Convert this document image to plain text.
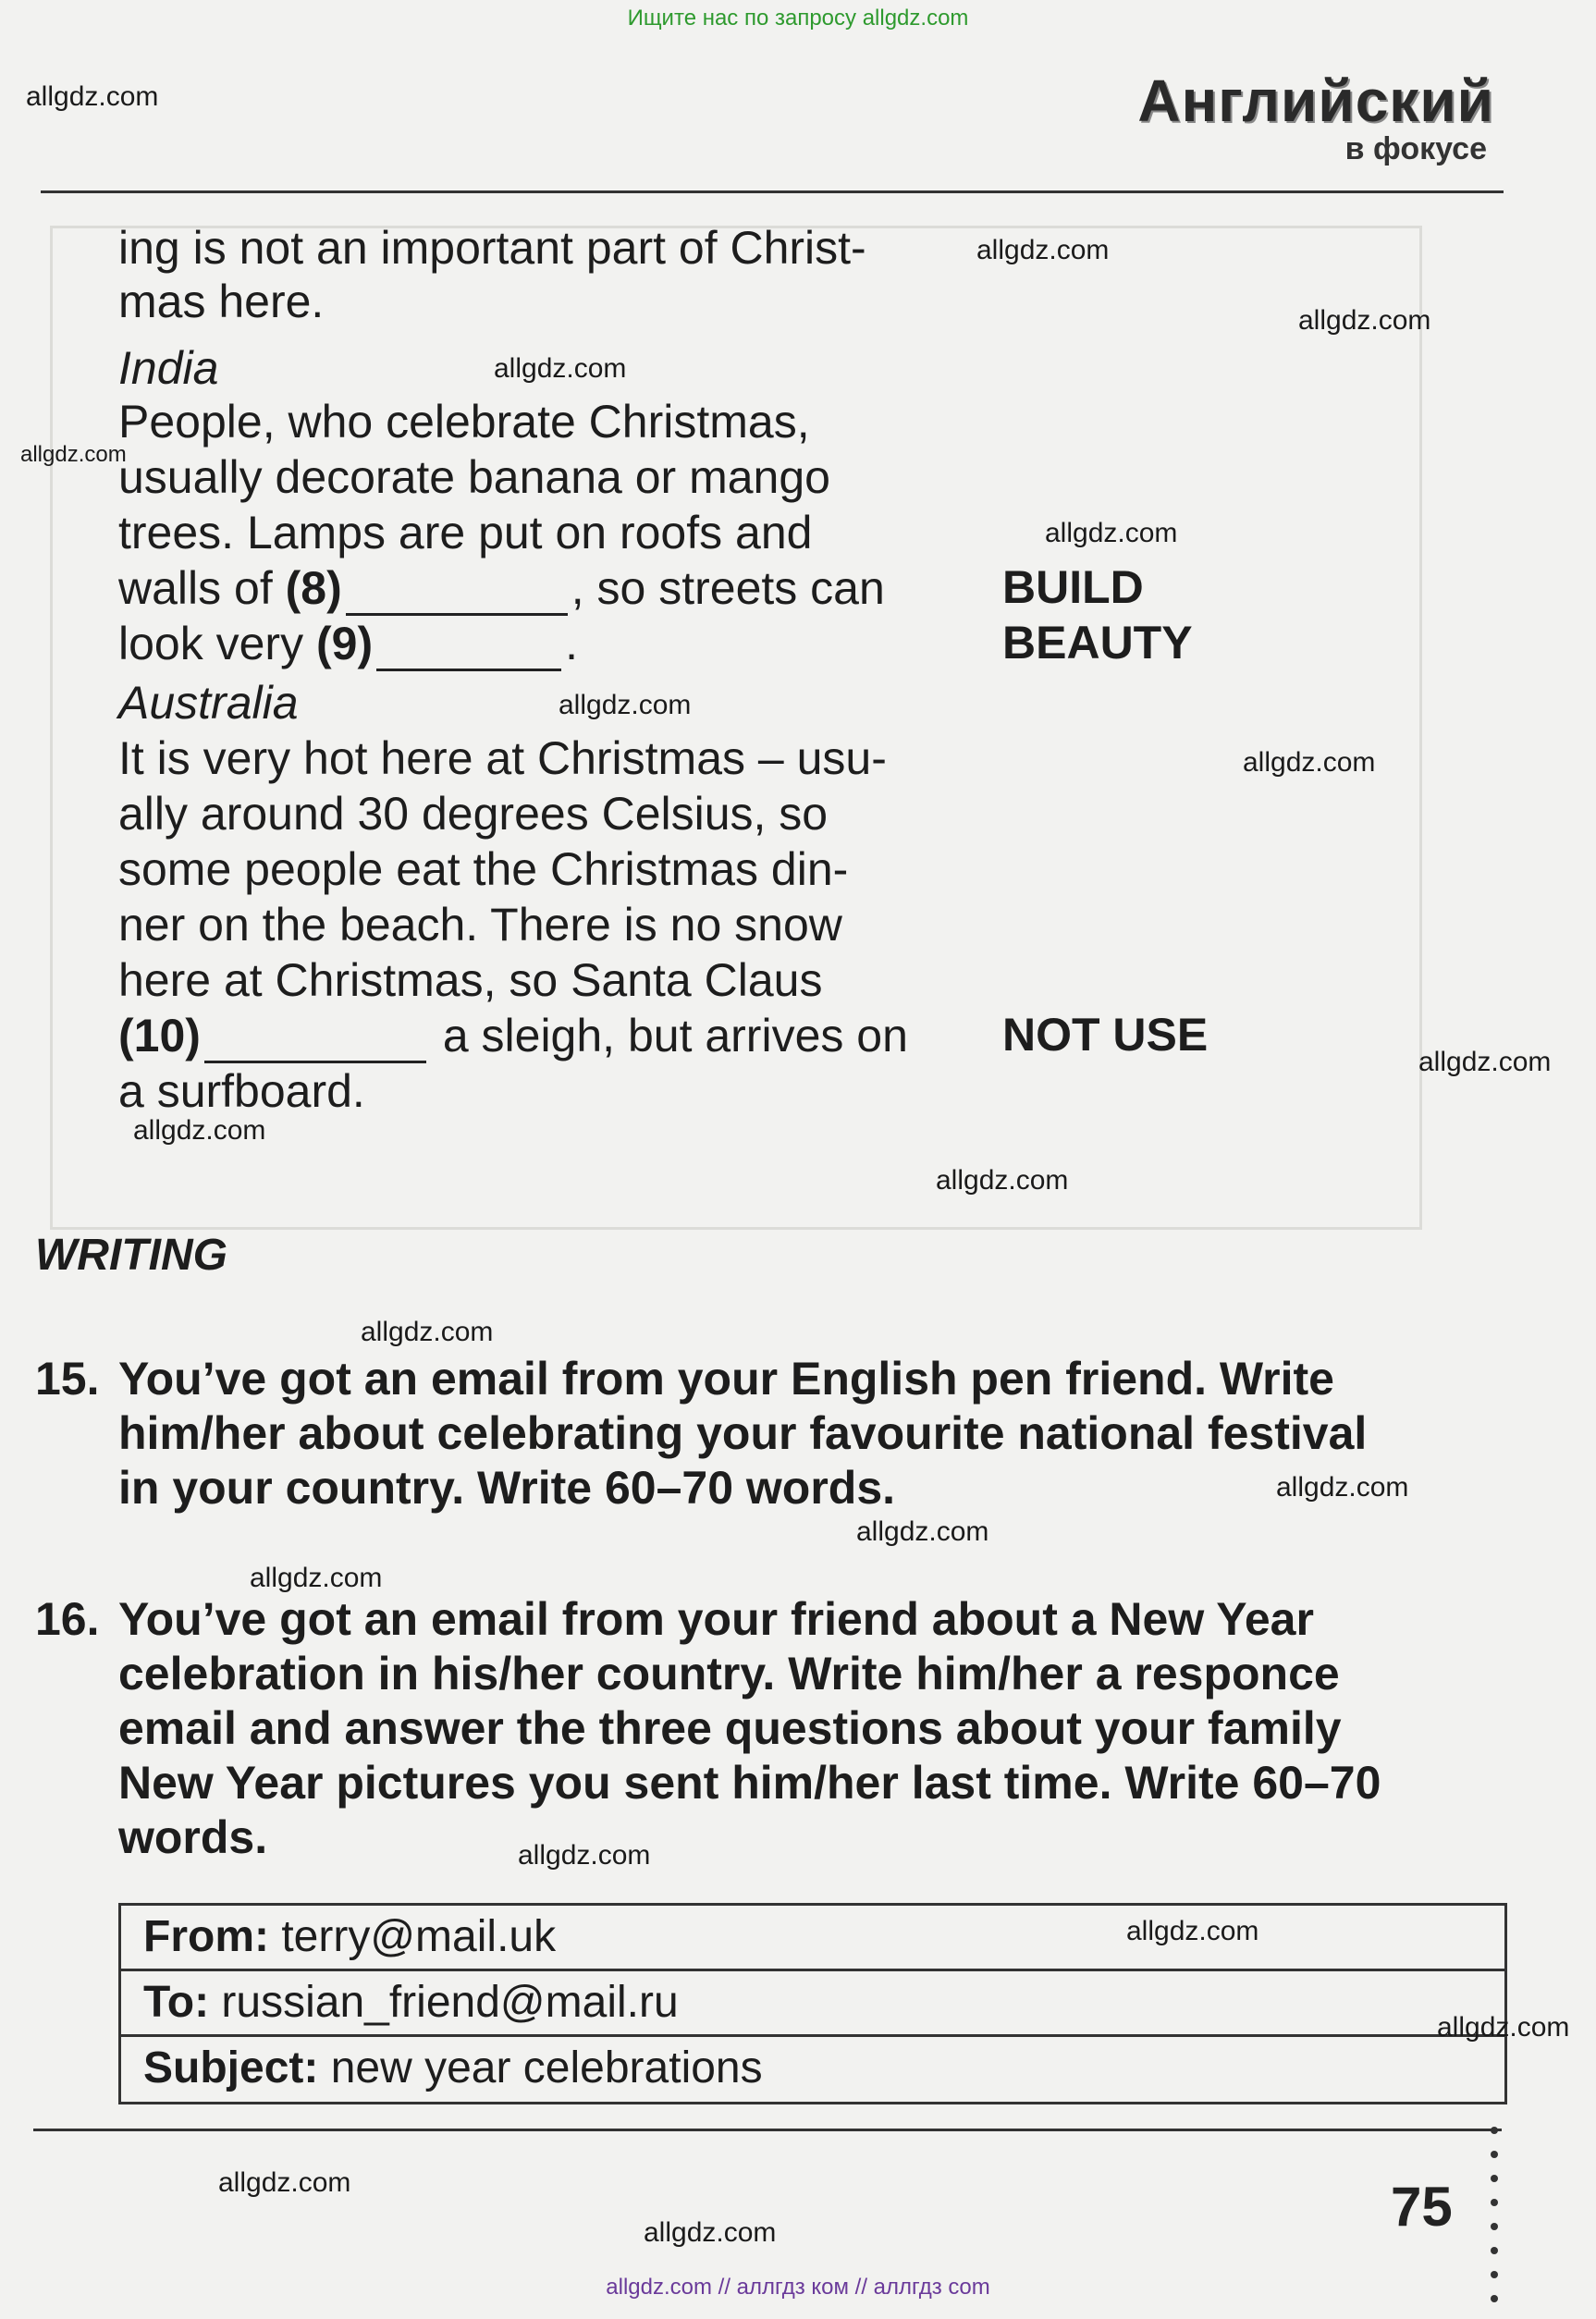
Ищите нас по запросу allgdz.com
allgdz.com	Английский
в фокусе
ing is not an important part of Christ-
mas here.
India
People, who celebrate Christmas,
usually decorate banana or mango
trees. Lamps are put on roofs and
walls of (8)	, so streets can
look very (9)	.
Australia
It is very hot here at Christmas – usu-
ally around 30 degrees Celsius, so
some people eat the Christmas din-
ner on the beach. There is no snow
here at Christmas, so Santa Claus
(10)	a sleigh, but arrives on
a surfboard.
BUILD
BEAUTY
NOT USE
allgdz.com
allgdz.com
allgdz.com
allgdz.com
allgdz.com
allgdz.com
allgdz.com
allgdz.com
allgdz.com
allgdz.com
WRITING
allgdz.com
15. You’ve got an email from your English pen friend. Write
him/her about celebrating your favourite national festival
in your country. Write 60–70 words.	allgdz.com
allgdz.com
allgdz.com
16. You’ve got an email from your friend about a New Year
celebration in his/her country. Write him/her a responce
email and answer the three questions about your family
New Year pictures you sent him/her last time. Write 60–70
words.	allgdz.com
From: terry@mail.uk
To: russian_friend@mail.ru
Subject: new year celebrations
allgdz.com
allgdz.com
allgdz.com	75
allgdz.com
allgdz.com // аллгдз ком // аллгдз com
